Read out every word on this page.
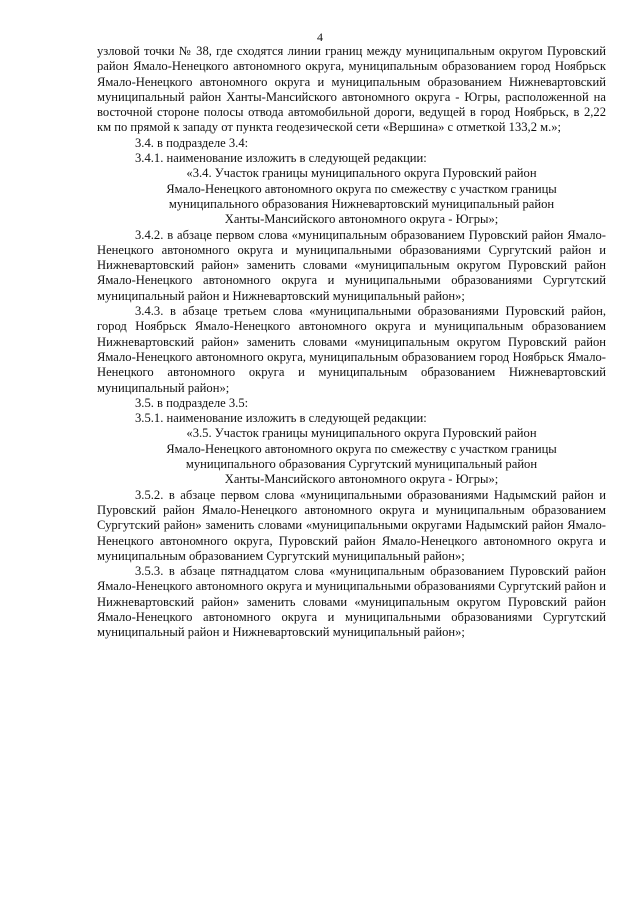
4

узловой точки № 38, где сходятся линии границ между муниципальным округом Пуровский район Ямало-Ненецкого автономного округа, муниципальным образованием город Ноябрьск Ямало-Ненецкого автономного округа и муниципальным образованием Нижневартовский муниципальный район Ханты-Мансийского автономного округа - Югры, расположенной на восточной стороне полосы отвода автомобильной дороги, ведущей в город Ноябрьск, в 2,22 км по прямой к западу от пункта геодезической сети «Вершина» с отметкой 133,2 м.»;

3.4. в подразделе 3.4:

3.4.1. наименование изложить в следующей редакции:

«3.4. Участок границы муниципального округа Пуровский район
Ямало-Ненецкого автономного округа по смежеству с участком границы
муниципального образования Нижневартовский муниципальный район
Ханты-Мансийского автономного округа - Югры»;

3.4.2. в абзаце первом слова «муниципальным образованием Пуровский район Ямало-Ненецкого автономного округа и муниципальными образованиями Сургутский район и Нижневартовский район» заменить словами «муниципальным округом Пуровский район Ямало-Ненецкого автономного округа и муниципальными образованиями Сургутский муниципальный район и Нижневартовский муниципальный район»;

3.4.3. в абзаце третьем слова «муниципальными образованиями Пуровский район, город Ноябрьск Ямало-Ненецкого автономного округа и муниципальным образованием Нижневартовский район» заменить словами «муниципальным округом Пуровский район Ямало-Ненецкого автономного округа, муниципальным образованием город Ноябрьск Ямало-Ненецкого автономного округа и муниципальным образованием Нижневартовский муниципальный район»;

3.5. в подразделе 3.5:

3.5.1. наименование изложить в следующей редакции:

«3.5. Участок границы муниципального округа Пуровский район
Ямало-Ненецкого автономного округа по смежеству с участком границы
муниципального образования Сургутский муниципальный район
Ханты-Мансийского автономного округа - Югры»;

3.5.2. в абзаце первом слова «муниципальными образованиями Надымский район и Пуровский район Ямало-Ненецкого автономного округа и муниципальным образованием Сургутский район» заменить словами «муниципальными округами Надымский район Ямало-Ненецкого автономного округа, Пуровский район Ямало-Ненецкого автономного округа и муниципальным образованием Сургутский муниципальный район»;

3.5.3. в абзаце пятнадцатом слова «муниципальным образованием Пуровский район Ямало-Ненецкого автономного округа и муниципальными образованиями Сургутский район и Нижневартовский район» заменить словами «муниципальным округом Пуровский район Ямало-Ненецкого автономного округа и муниципальными образованиями Сургутский муниципальный район и Нижневартовский муниципальный район»;
